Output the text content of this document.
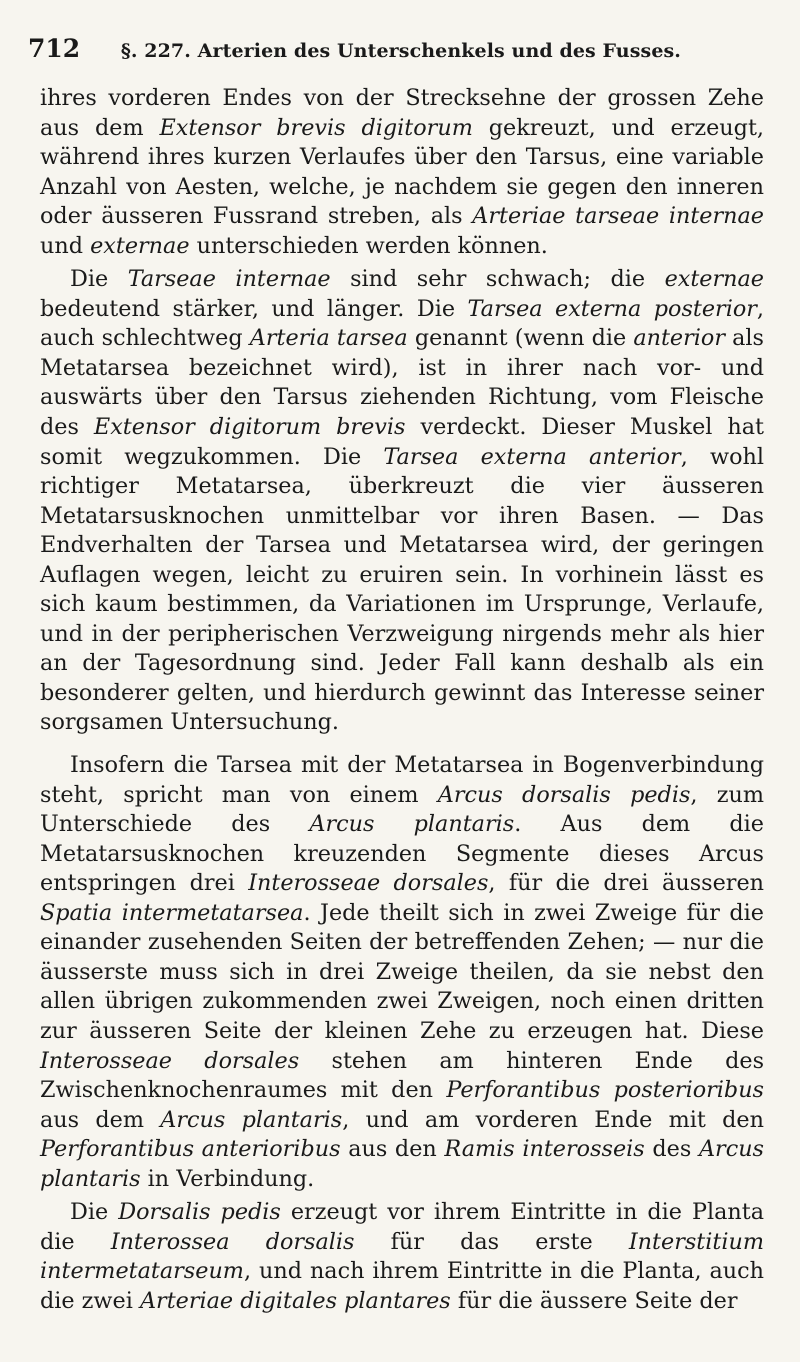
712 §. 227. Arterien des Unterschenkels und des Fusses.

ihres vorderen Endes von der Strecksehne der grossen Zehe aus dem Extensor brevis digitorum gekreuzt, und erzeugt, während ihres kurzen Verlaufes über den Tarsus, eine variable Anzahl von Aesten, welche, je nachdem sie gegen den inneren oder äusseren Fussrand streben, als Arteriae tarseae internae und externae unterschieden werden können.

Die Tarseae internae sind sehr schwach; die externae bedeutend stärker, und länger. Die Tarsea externa posterior, auch schlechtweg Arteria tarsea genannt (wenn die anterior als Metatarsea bezeichnet wird), ist in ihrer nach vor- und auswärts über den Tarsus ziehenden Richtung, vom Fleische des Extensor digitorum brevis verdeckt. Dieser Muskel hat somit wegzukommen. Die Tarsea externa anterior, wohl richtiger Metatarsea, überkreuzt die vier äusseren Metatarsusknochen unmittelbar vor ihren Basen. — Das Endverhalten der Tarsea und Metatarsea wird, der geringen Auflagen wegen, leicht zu eruiren sein. In vorhinein lässt es sich kaum bestimmen, da Variationen im Ursprunge, Verlaufe, und in der peripherischen Verzweigung nirgends mehr als hier an der Tagesordnung sind. Jeder Fall kann deshalb als ein besonderer gelten, und hierdurch gewinnt das Interesse seiner sorgsamen Untersuchung.

Insofern die Tarsea mit der Metatarsea in Bogenverbindung steht, spricht man von einem Arcus dorsalis pedis, zum Unterschiede des Arcus plantaris. Aus dem die Metatarsusknochen kreuzenden Segmente dieses Arcus entspringen drei Interosseae dorsales, für die drei äusseren Spatia intermetatarsea. Jede theilt sich in zwei Zweige für die einander zusehenden Seiten der betreffenden Zehen; — nur die äusserste muss sich in drei Zweige theilen, da sie nebst den allen übrigen zukommenden zwei Zweigen, noch einen dritten zur äusseren Seite der kleinen Zehe zu erzeugen hat. Diese Interosseae dorsales stehen am hinteren Ende des Zwischenknochenraumes mit den Perforantibus posterioribus aus dem Arcus plantaris, und am vorderen Ende mit den Perforantibus anterioribus aus den Ramis interosseis des Arcus plantaris in Verbindung.

Die Dorsalis pedis erzeugt vor ihrem Eintritte in die Planta die Interossea dorsalis für das erste Interstitium intermetatarseum, und nach ihrem Eintritte in die Planta, auch die zwei Arteriae digitales plantares für die äussere Seite der
